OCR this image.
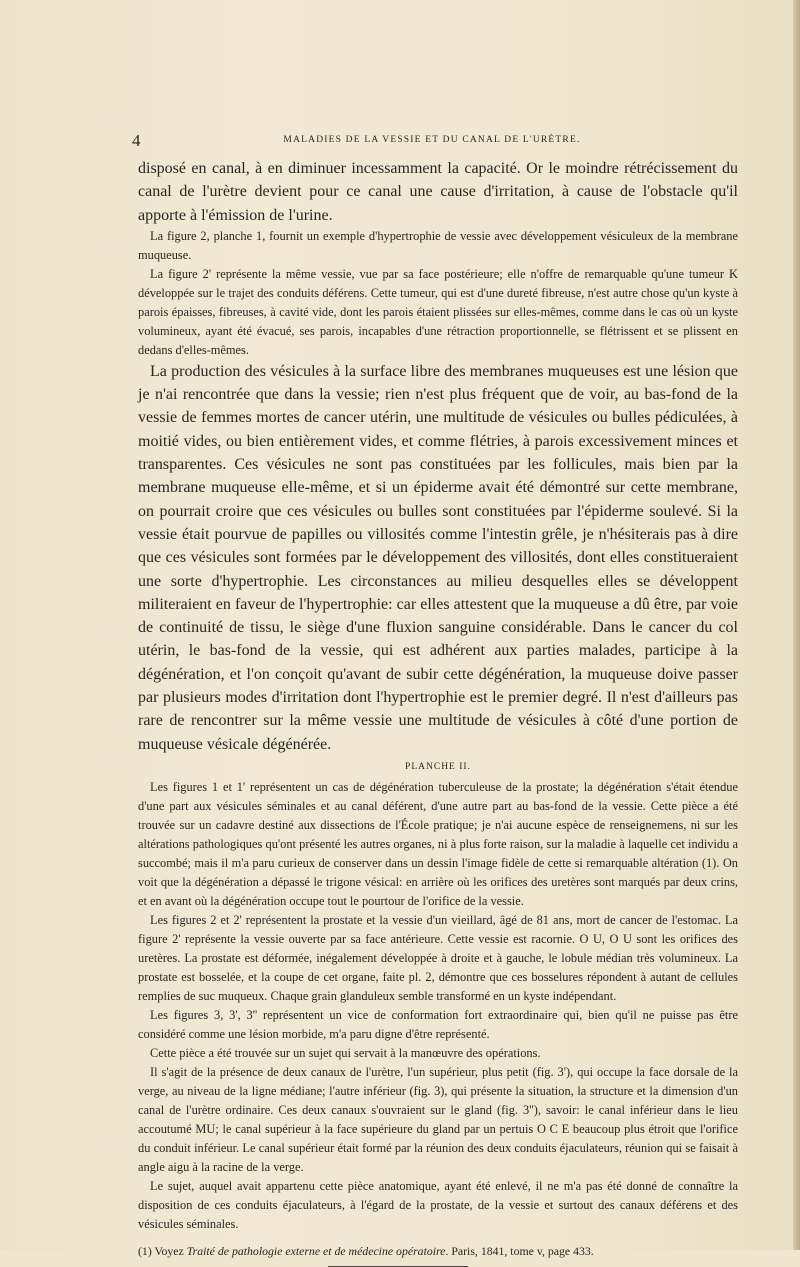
4	MALADIES DE LA VESSIE ET DU CANAL DE L'URÈTRE.

disposé en canal, à en diminuer incessamment la capacité. Or le moindre rétrécissement du canal de l'urètre devient pour ce canal une cause d'irritation, à cause de l'obstacle qu'il apporte à l'émission de l'urine.

La figure 2, planche 1, fournit un exemple d'hypertrophie de vessie avec développement vésiculeux de la membrane muqueuse.

La figure 2' représente la même vessie, vue par sa face postérieure; elle n'offre de remarquable qu'une tumeur K développée sur le trajet des conduits déférens. Cette tumeur, qui est d'une dureté fibreuse, n'est autre chose qu'un kyste à parois épaisses, fibreuses, à cavité vide, dont les parois étaient plissées sur elles-mêmes, comme dans le cas où un kyste volumineux, ayant été évacué, ses parois, incapables d'une rétraction proportionnelle, se flétrissent et se plissent en dedans d'elles-mêmes.

La production des vésicules à la surface libre des membranes muqueuses est une lésion que je n'ai rencontrée que dans la vessie; rien n'est plus fréquent que de voir, au bas-fond de la vessie de femmes mortes de cancer utérin, une multitude de vésicules ou bulles pédiculées, à moitié vides, ou bien entièrement vides, et comme flétries, à parois excessivement minces et transparentes. Ces vésicules ne sont pas constituées par les follicules, mais bien par la membrane muqueuse elle-même, et si un épiderme avait été démontré sur cette membrane, on pourrait croire que ces vésicules ou bulles sont constituées par l'épiderme soulevé. Si la vessie était pourvue de papilles ou villosités comme l'intestin grêle, je n'hésiterais pas à dire que ces vésicules sont formées par le développement des villosités, dont elles constitueraient une sorte d'hypertrophie. Les circonstances au milieu desquelles elles se développent militeraient en faveur de l'hypertrophie: car elles attestent que la muqueuse a dû être, par voie de continuité de tissu, le siège d'une fluxion sanguine considérable. Dans le cancer du col utérin, le bas-fond de la vessie, qui est adhérent aux parties malades, participe à la dégénération, et l'on conçoit qu'avant de subir cette dégénération, la muqueuse doive passer par plusieurs modes d'irritation dont l'hypertrophie est le premier degré. Il n'est d'ailleurs pas rare de rencontrer sur la même vessie une multitude de vésicules à côté d'une portion de muqueuse vésicale dégénérée.

PLANCHE II.

Les figures 1 et 1' représentent un cas de dégénération tuberculeuse de la prostate; la dégénération s'était étendue d'une part aux vésicules séminales et au canal déférent, d'une autre part au bas-fond de la vessie. Cette pièce a été trouvée sur un cadavre destiné aux dissections de l'École pratique; je n'ai aucune espèce de renseignemens, ni sur les altérations pathologiques qu'ont présenté les autres organes, ni à plus forte raison, sur la maladie à laquelle cet individu a succombé; mais il m'a paru curieux de conserver dans un dessin l'image fidèle de cette si remarquable altération (1). On voit que la dégénération a dépassé le trigone vésical: en arrière où les orifices des uretères sont marqués par deux crins, et en avant où la dégénération occupe tout le pourtour de l'orifice de la vessie.

Les figures 2 et 2' représentent la prostate et la vessie d'un vieillard, âgé de 81 ans, mort de cancer de l'estomac. La figure 2' représente la vessie ouverte par sa face antérieure. Cette vessie est racornie. O U, O U sont les orifices des uretères. La prostate est déformée, inégalement développée à droite et à gauche, le lobule médian très volumineux. La prostate est bosselée, et la coupe de cet organe, faite pl. 2, démontre que ces bosselures répondent à autant de cellules remplies de suc muqueux. Chaque grain glanduleux semble transformé en un kyste indépendant.

Les figures 3, 3', 3'' représentent un vice de conformation fort extraordinaire qui, bien qu'il ne puisse pas être considéré comme une lésion morbide, m'a paru digne d'être représenté.

Cette pièce a été trouvée sur un sujet qui servait à la manœuvre des opérations.

Il s'agit de la présence de deux canaux de l'urètre, l'un supérieur, plus petit (fig. 3'), qui occupe la face dorsale de la verge, au niveau de la ligne médiane; l'autre inférieur (fig. 3), qui présente la situation, la structure et la dimension d'un canal de l'urètre ordinaire. Ces deux canaux s'ouvraient sur le gland (fig. 3''), savoir: le canal inférieur dans le lieu accoutumé MU; le canal supérieur à la face supérieure du gland par un pertuis O C E beaucoup plus étroit que l'orifice du conduit inférieur. Le canal supérieur était formé par la réunion des deux conduits éjaculateurs, réunion qui se faisait à angle aigu à la racine de la verge.

Le sujet, auquel avait appartenu cette pièce anatomique, ayant été enlevé, il ne m'a pas été donné de connaître la disposition de ces conduits éjaculateurs, à l'égard de la prostate, de la vessie et surtout des canaux déférens et des vésicules séminales.

(1) Voyez Traité de pathologie externe et de médecine opératoire. Paris, 1841, tome v, page 433.
